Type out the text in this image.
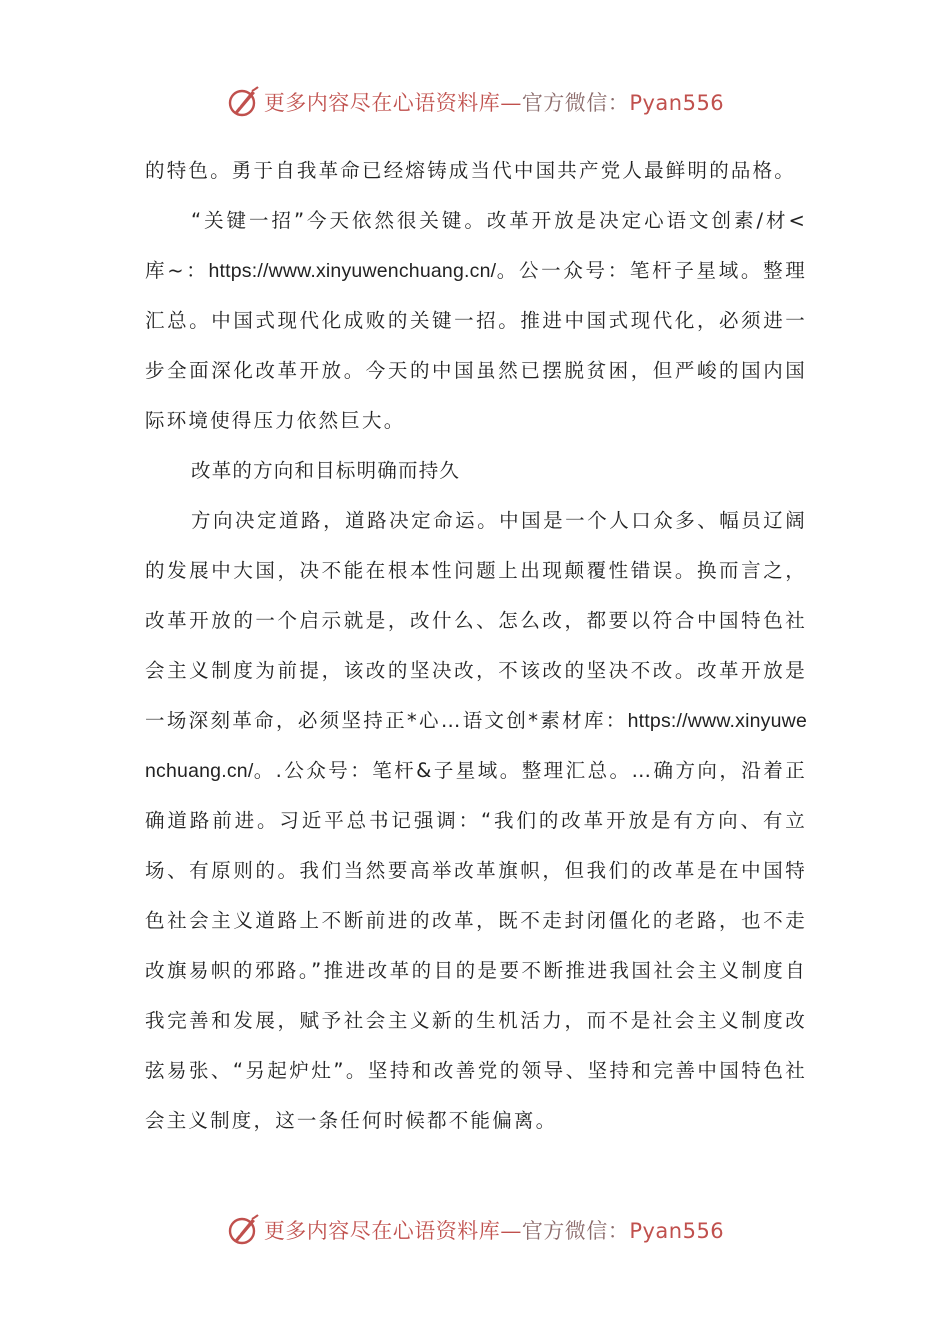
更多内容尽在心语资料库—官方微信：Pyan556

的特色。勇于自我革命已经熔铸成当代中国共产党人最鲜明的品格。

“关键一招”今天依然很关键。改革开放是决定心语文创素/材<库~：https://www.xinyuwenchuang.cn/。公一众号：笔杆子星域。整理汇总。中国式现代化成败的关键一招。推进中国式现代化，必须进一步全面深化改革开放。今天的中国虽然已摆脱贫困，但严峻的国内国际环境使得压力依然巨大。

改革的方向和目标明确而持久

方向决定道路，道路决定命运。中国是一个人口众多、幅员辽阔的发展中大国，决不能在根本性问题上出现颠覆性错误。换而言之，改革开放的一个启示就是，改什么、怎么改，都要以符合中国特色社会主义制度为前提，该改的坚决改，不该改的坚决不改。改革开放是一场深刻革命，必须坚持正*心…语文创*素材库：https://www.xinyuwenchuang.cn/。.公众号：笔杆&子星域。整理汇总。…确方向，沿着正确道路前进。习近平总书记强调：“我们的改革开放是有方向、有立场、有原则的。我们当然要高举改革旗帜，但我们的改革是在中国特色社会主义道路上不断前进的改革，既不走封闭僵化的老路，也不走改旗易帜的邪路。”推进改革的目的是要不断推进我国社会主义制度自我完善和发展，赋予社会主义新的生机活力，而不是社会主义制度改弦易张、“另起炉灶”。坚持和改善党的领导、坚持和完善中国特色社会主义制度，这一条任何时候都不能偏离。

更多内容尽在心语资料库—官方微信：Pyan556
